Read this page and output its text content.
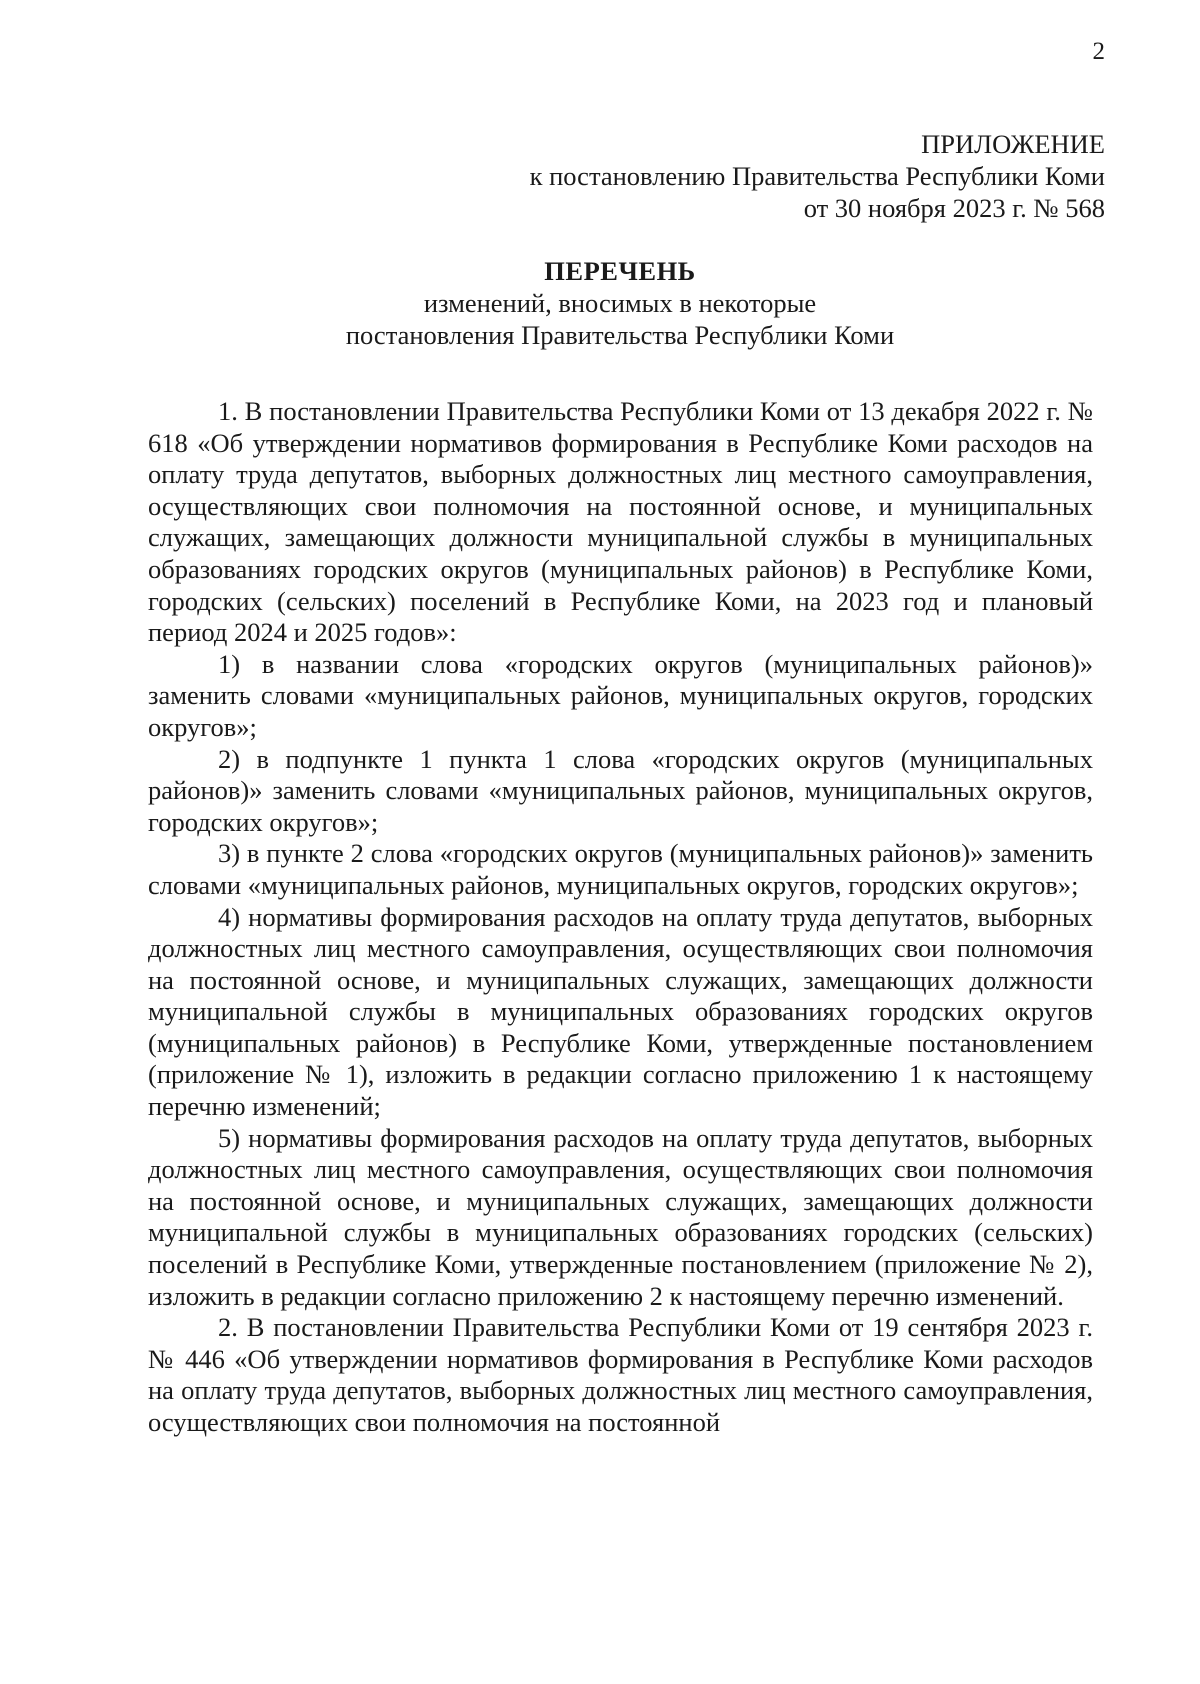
2
ПРИЛОЖЕНИЕ
к постановлению Правительства Республики Коми
от 30 ноября 2023 г. № 568
ПЕРЕЧЕНЬ
изменений, вносимых в некоторые
постановления Правительства Республики Коми

1. В постановлении Правительства Республики Коми от 13 декабря 2022 г. № 618 «Об утверждении нормативов формирования в Республике Коми расходов на оплату труда депутатов, выборных должностных лиц местного самоуправления, осуществляющих свои полномочия на постоянной основе, и муниципальных служащих, замещающих должности муниципальной службы в муниципальных образованиях городских округов (муниципальных районов) в Республике Коми, городских (сельских) поселений в Республике Коми, на 2023 год и плановый период 2024 и 2025 годов»:

1) в названии слова «городских округов (муниципальных районов)» заменить словами «муниципальных районов, муниципальных округов, городских округов»;

2) в подпункте 1 пункта 1 слова «городских округов (муниципальных районов)» заменить словами «муниципальных районов, муниципальных округов, городских округов»;

3) в пункте 2 слова «городских округов (муниципальных районов)» заменить словами «муниципальных районов, муниципальных округов, городских округов»;

4) нормативы формирования расходов на оплату труда депутатов, выборных должностных лиц местного самоуправления, осуществляющих свои полномочия на постоянной основе, и муниципальных служащих, замещающих должности муниципальной службы в муниципальных образованиях городских округов (муниципальных районов) в Республике Коми, утвержденные постановлением (приложение № 1), изложить в редакции согласно приложению 1 к настоящему перечню изменений;

5) нормативы формирования расходов на оплату труда депутатов, выборных должностных лиц местного самоуправления, осуществляющих свои полномочия на постоянной основе, и муниципальных служащих, замещающих должности муниципальной службы в муниципальных образованиях городских (сельских) поселений в Республике Коми, утвержденные постановлением (приложение № 2), изложить в редакции согласно приложению 2 к настоящему перечню изменений.

2. В постановлении Правительства Республики Коми от 19 сентября 2023 г. № 446 «Об утверждении нормативов формирования в Республике Коми расходов на оплату труда депутатов, выборных должностных лиц местного самоуправления, осуществляющих свои полномочия на постоянной
